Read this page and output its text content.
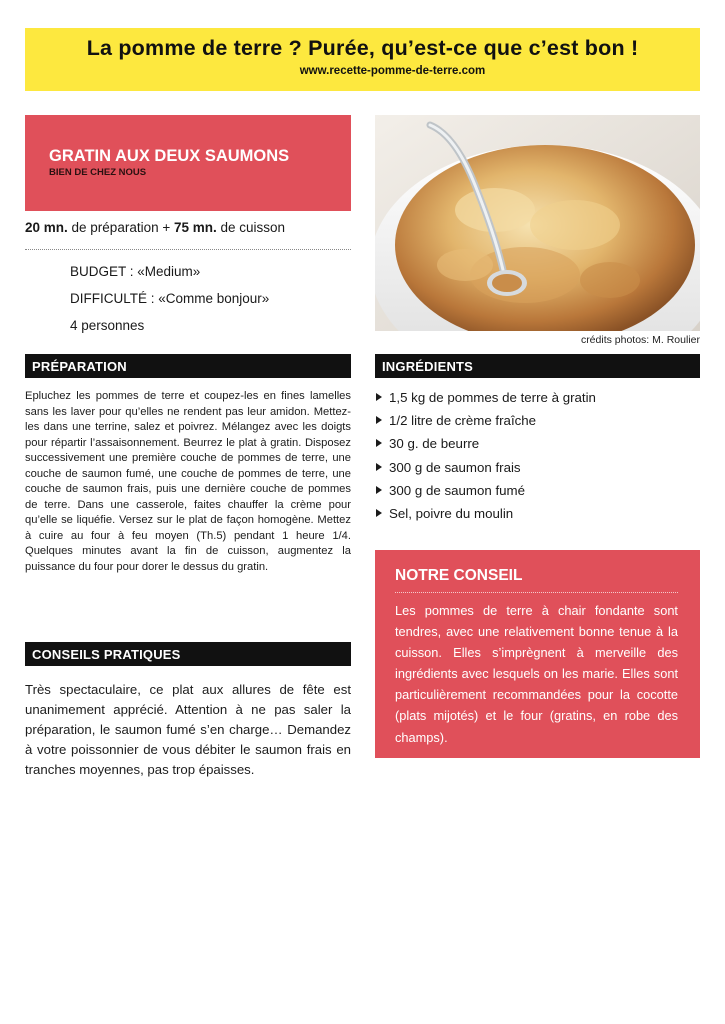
La pomme de terre ? Purée, qu’est-ce que c’est bon !
www.recette-pomme-de-terre.com
GRATIN AUX DEUX SAUMONS
BIEN DE CHEZ NOUS
20 mn. de préparation + 75 mn. de cuisson
BUDGET : «Medium»
DIFFICULTÉ : «Comme bonjour»
4 personnes
crédits photos: M. Roulier
PRÉPARATION	INGRÉDIENTS
Epluchez les pommes de terre et coupez-les en fines lamelles sans les laver pour qu’elles ne rendent pas leur amidon. Mettez-les dans une terrine, salez et poivrez. Mélangez avec les doigts pour répartir l’assaisonnement. Beurrez le plat à gratin. Disposez successivement une première couche de pommes de terre, une couche de saumon fumé, une couche de pommes de terre, une couche de saumon frais, puis une dernière couche de pommes de terre. Dans une casserole, faites chauffer la crème pour qu’elle se liquéfie. Versez sur le plat de façon homogène. Mettez à cuire au four à feu moyen (Th.5) pendant 1 heure 1/4. Quelques minutes avant la fin de cuisson, augmentez la puissance du four pour dorer le dessus du gratin.
1,5 kg de pommes de terre à gratin
1/2 litre de crème fraîche
30 g. de beurre
300 g de saumon frais
300 g de saumon fumé
Sel, poivre du moulin
NOTRE CONSEIL
Les pommes de terre à chair fondante sont tendres, avec une relativement bonne tenue à la cuisson. Elles s’imprègnent à merveille des ingrédients avec lesquels on les marie. Elles sont particulièrement recommandées pour la cocotte (plats mijotés) et le four (gratins, en robe des champs).
CONSEILS PRATIQUES
Très spectaculaire, ce plat aux allures de fête est unanimement apprécié. Attention à ne pas saler la préparation, le saumon fumé s’en charge… Demandez à votre poissonnier de vous débiter le saumon frais en tranches moyennes, pas trop épaisses.
